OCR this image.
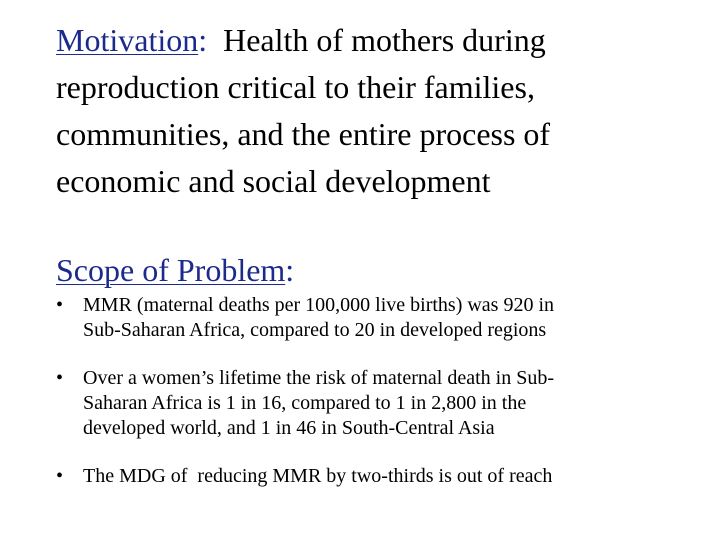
Motivation:  Health of mothers during
reproduction critical to their families,
communities, and the entire process of
economic and social development
Scope of Problem:
• MMR (maternal deaths per 100,000 live births) was 920 in
Sub-Saharan Africa, compared to 20 in developed regions
• Over a women’s lifetime the risk of maternal death in Sub-
Saharan Africa is 1 in 16, compared to 1 in 2,800 in the
developed world, and 1 in 46 in South-Central Asia
• The MDG of  reducing MMR by two-thirds is out of reach
